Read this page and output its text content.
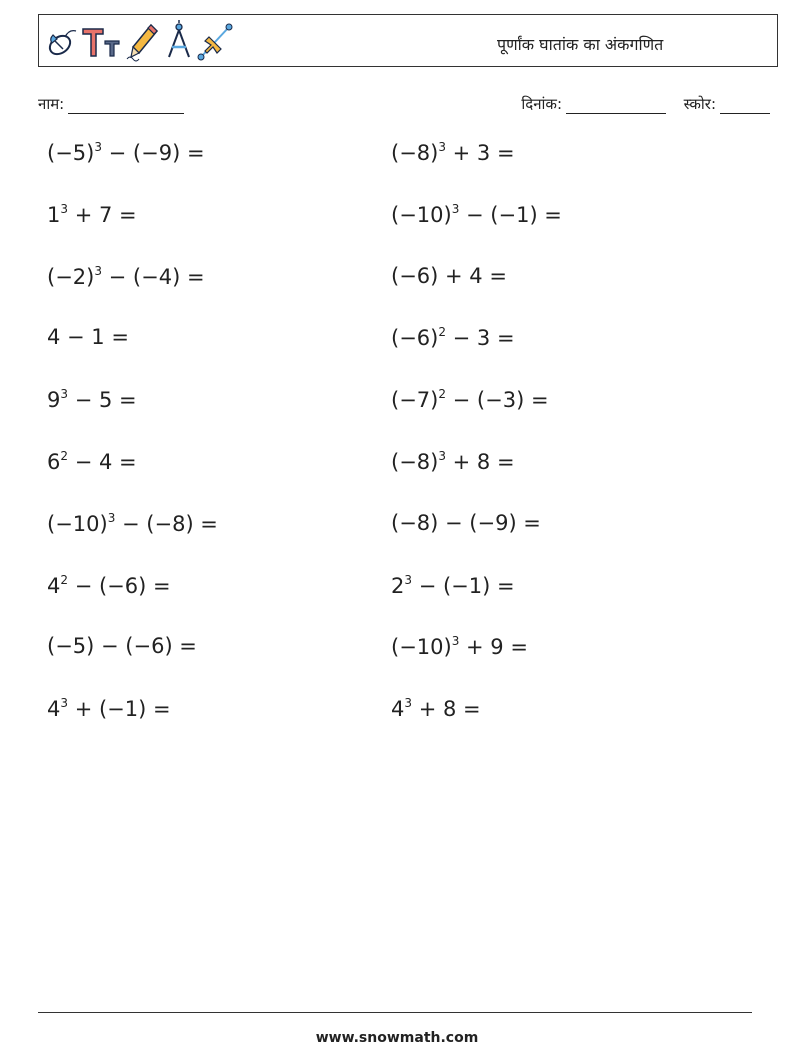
पूर्णांक घातांक का अंकगणित
नाम:	दिनांक:	स्कोर:
$(-5)^3 - (-9)$ =	$(-8)^3 + 3$ =
$1^3 + 7$ =	$(-10)^3 - (-1)$ =
$(-2)^3 - (-4)$ =	(−6) + 4 =
4 − 1 =	$(-6)^2 - 3$ =
$9^3 - 5$ =	$(-7)^2 - (-3)$ =
$6^2 - 4$ =	$(-8)^3 + 8$ =
$(-10)^3 - (-8)$ =	(−8) − (−9) =
$4^2 - (-6)$ =	$2^3 - (-1)$ =
(−5) − (−6) =	$(-10)^3 + 9$ =
$4^3 + (-1)$ =	$4^3 + 8$ =
www.snowmath.com
